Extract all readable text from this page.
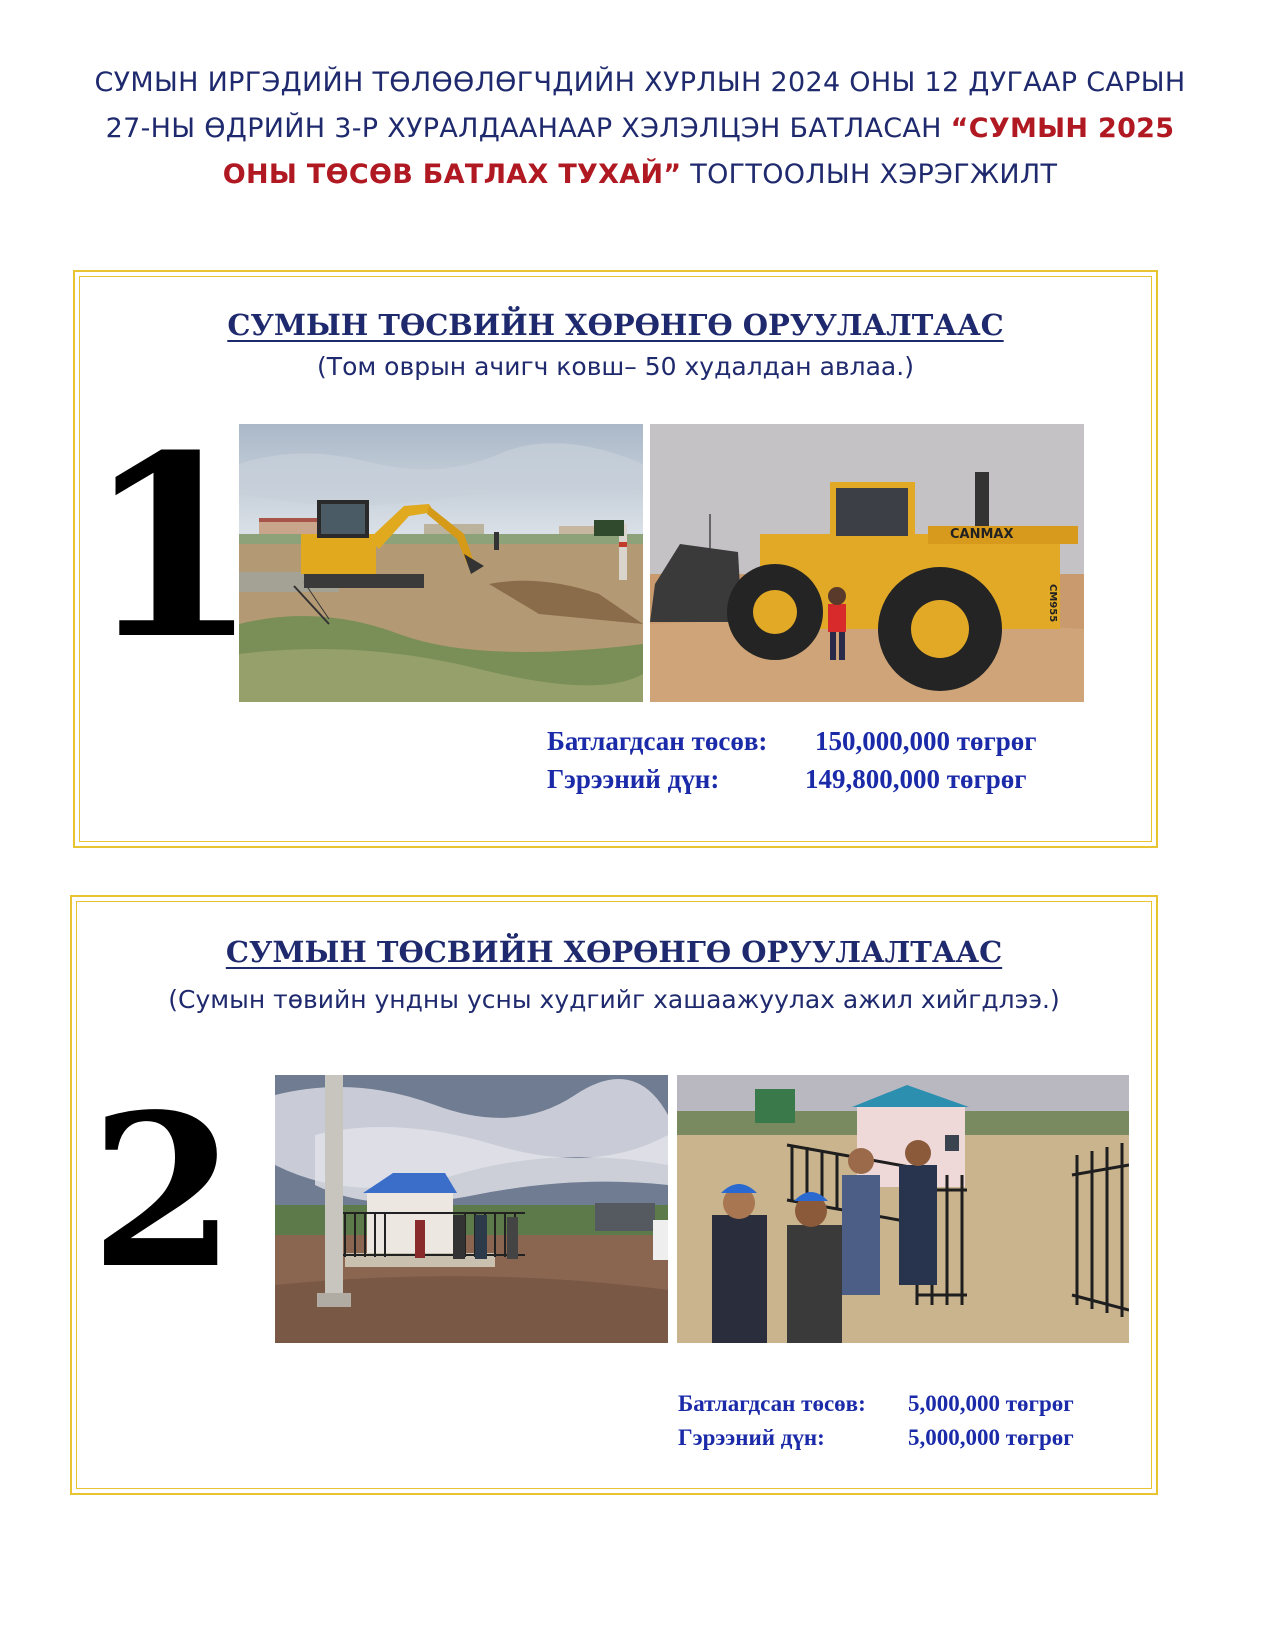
СУМЫН ИРГЭДИЙН ТӨЛӨӨЛӨГЧДИЙН ХУРЛЫН 2024 ОНЫ 12 ДУГААР САРЫН
27-НЫ ӨДРИЙН 3-Р ХУРАЛДААНААР ХЭЛЭЛЦЭН БАТЛАСАН “СУМЫН 2025
ОНЫ ТӨСӨВ БАТЛАХ ТУХАЙ” ТОГТООЛЫН ХЭРЭГЖИЛТ
СУМЫН ТӨСВИЙН ХӨРӨНГӨ ОРУУЛАЛТААС
(Том оврын ачигч ковш– 50 худалдан авлаа.)
1	CANMAX
CM955
Батлагдсан төсөв: 150,000,000 төгрөг
Гэрээний дүн:	149,800,000 төгрөг
СУМЫН ТӨСВИЙН ХӨРӨНГӨ ОРУУЛАЛТААС
(Сумын төвийн ундны усны худгийг хашаажуулах ажил хийгдлээ.)
2
Батлагдсан төсөв: 5,000,000 төгрөг
Гэрээний дүн:	5,000,000 төгрөг
